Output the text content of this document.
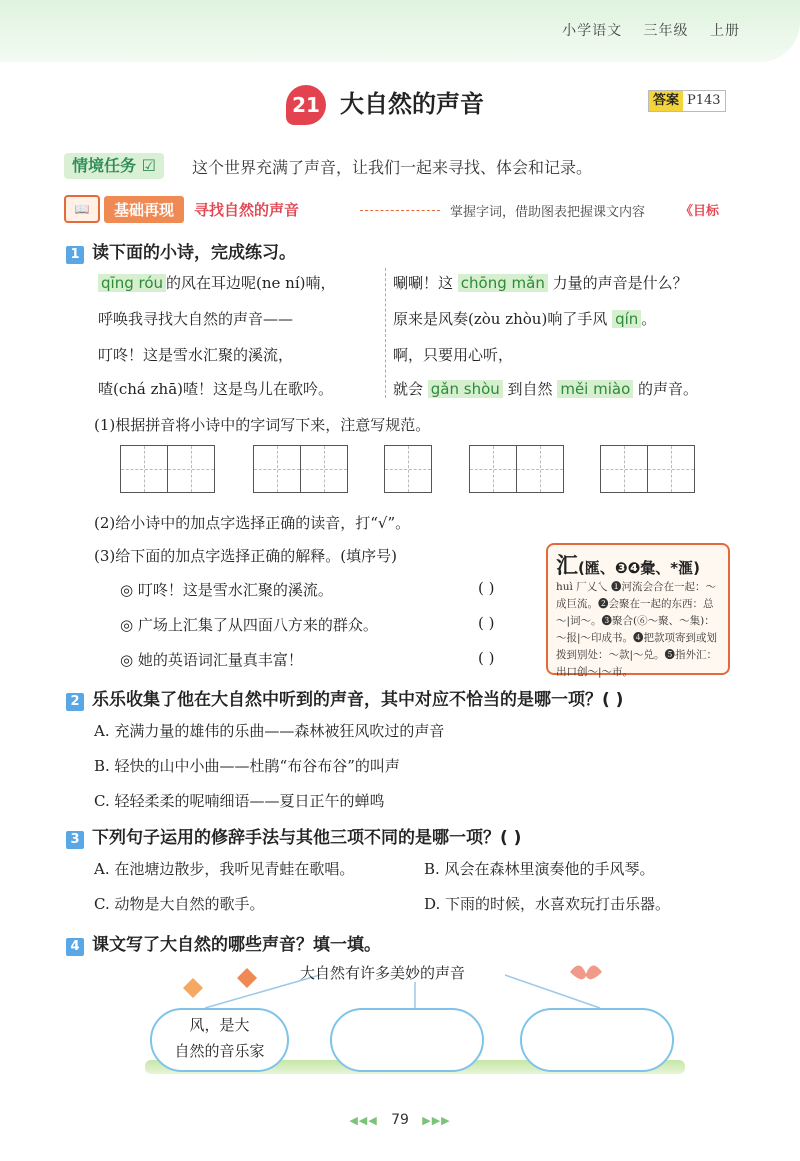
小学语文 三年级 上册
21 大自然的声音	答案 P143
情境任务 ☑	这个世界充满了声音，让我们一起来寻找、体会和记录。
📖	基础再现	寻找自然的声音	掌握字词，借助图表把握课文内容	《目标
1 读下面的小诗，完成练习。
qīng róu 的风在耳边呢(ne ní)喃，
呼唤我寻找大自然的声音——
叮咚！这是雪水汇聚的溪流，
喳(chá zhā)喳！这是鸟儿在歌吟。
唰唰！这 chōng mǎn 力量的声音是什么？
原来是风奏(zòu zhòu)响了手风 qín 。
啊，只要用心听，
就会 gǎn shòu 到自然 měi miào 的声音。
(1)根据拼音将小诗中的字词写下来，注意写规范。
(2)给小诗中的加点字选择正确的读音，打“√”。
(3)给下面的加点字选择正确的解释。(填序号)
◎ 叮咚！这是雪水汇聚的溪流。	( )
◎ 广场上汇集了从四面八方来的群众。	( )
◎ 她的英语词汇量真丰富！	( )
汇(匯、❸❹彙、*滙)
huì 厂乂乀 ❶河流会合在一起：～成巨流。❷会聚在一起的东西：总～|词～。❸聚合(⑥～聚、～集)：～报|～印成书。❹把款项寄到或划拨到别处：～款|～兑。❺指外汇：出口创～|～市。
2 乐乐收集了他在大自然中听到的声音，其中对应不恰当的是哪一项？( )
A. 充满力量的雄伟的乐曲——森林被狂风吹过的声音
B. 轻快的山中小曲——杜鹃“布谷布谷”的叫声
C. 轻轻柔柔的呢喃细语——夏日正午的蝉鸣
3 下列句子运用的修辞手法与其他三项不同的是哪一项？( )
A. 在池塘边散步，我听见青蛙在歌唱。	B. 风会在森林里演奏他的手风琴。
C. 动物是大自然的歌手。	D. 下雨的时候，水喜欢玩打击乐器。
4 课文写了大自然的哪些声音？填一填。
大自然有许多美妙的声音
风，是大
自然的音乐家
◀◀◀ 79 ▶▶▶
